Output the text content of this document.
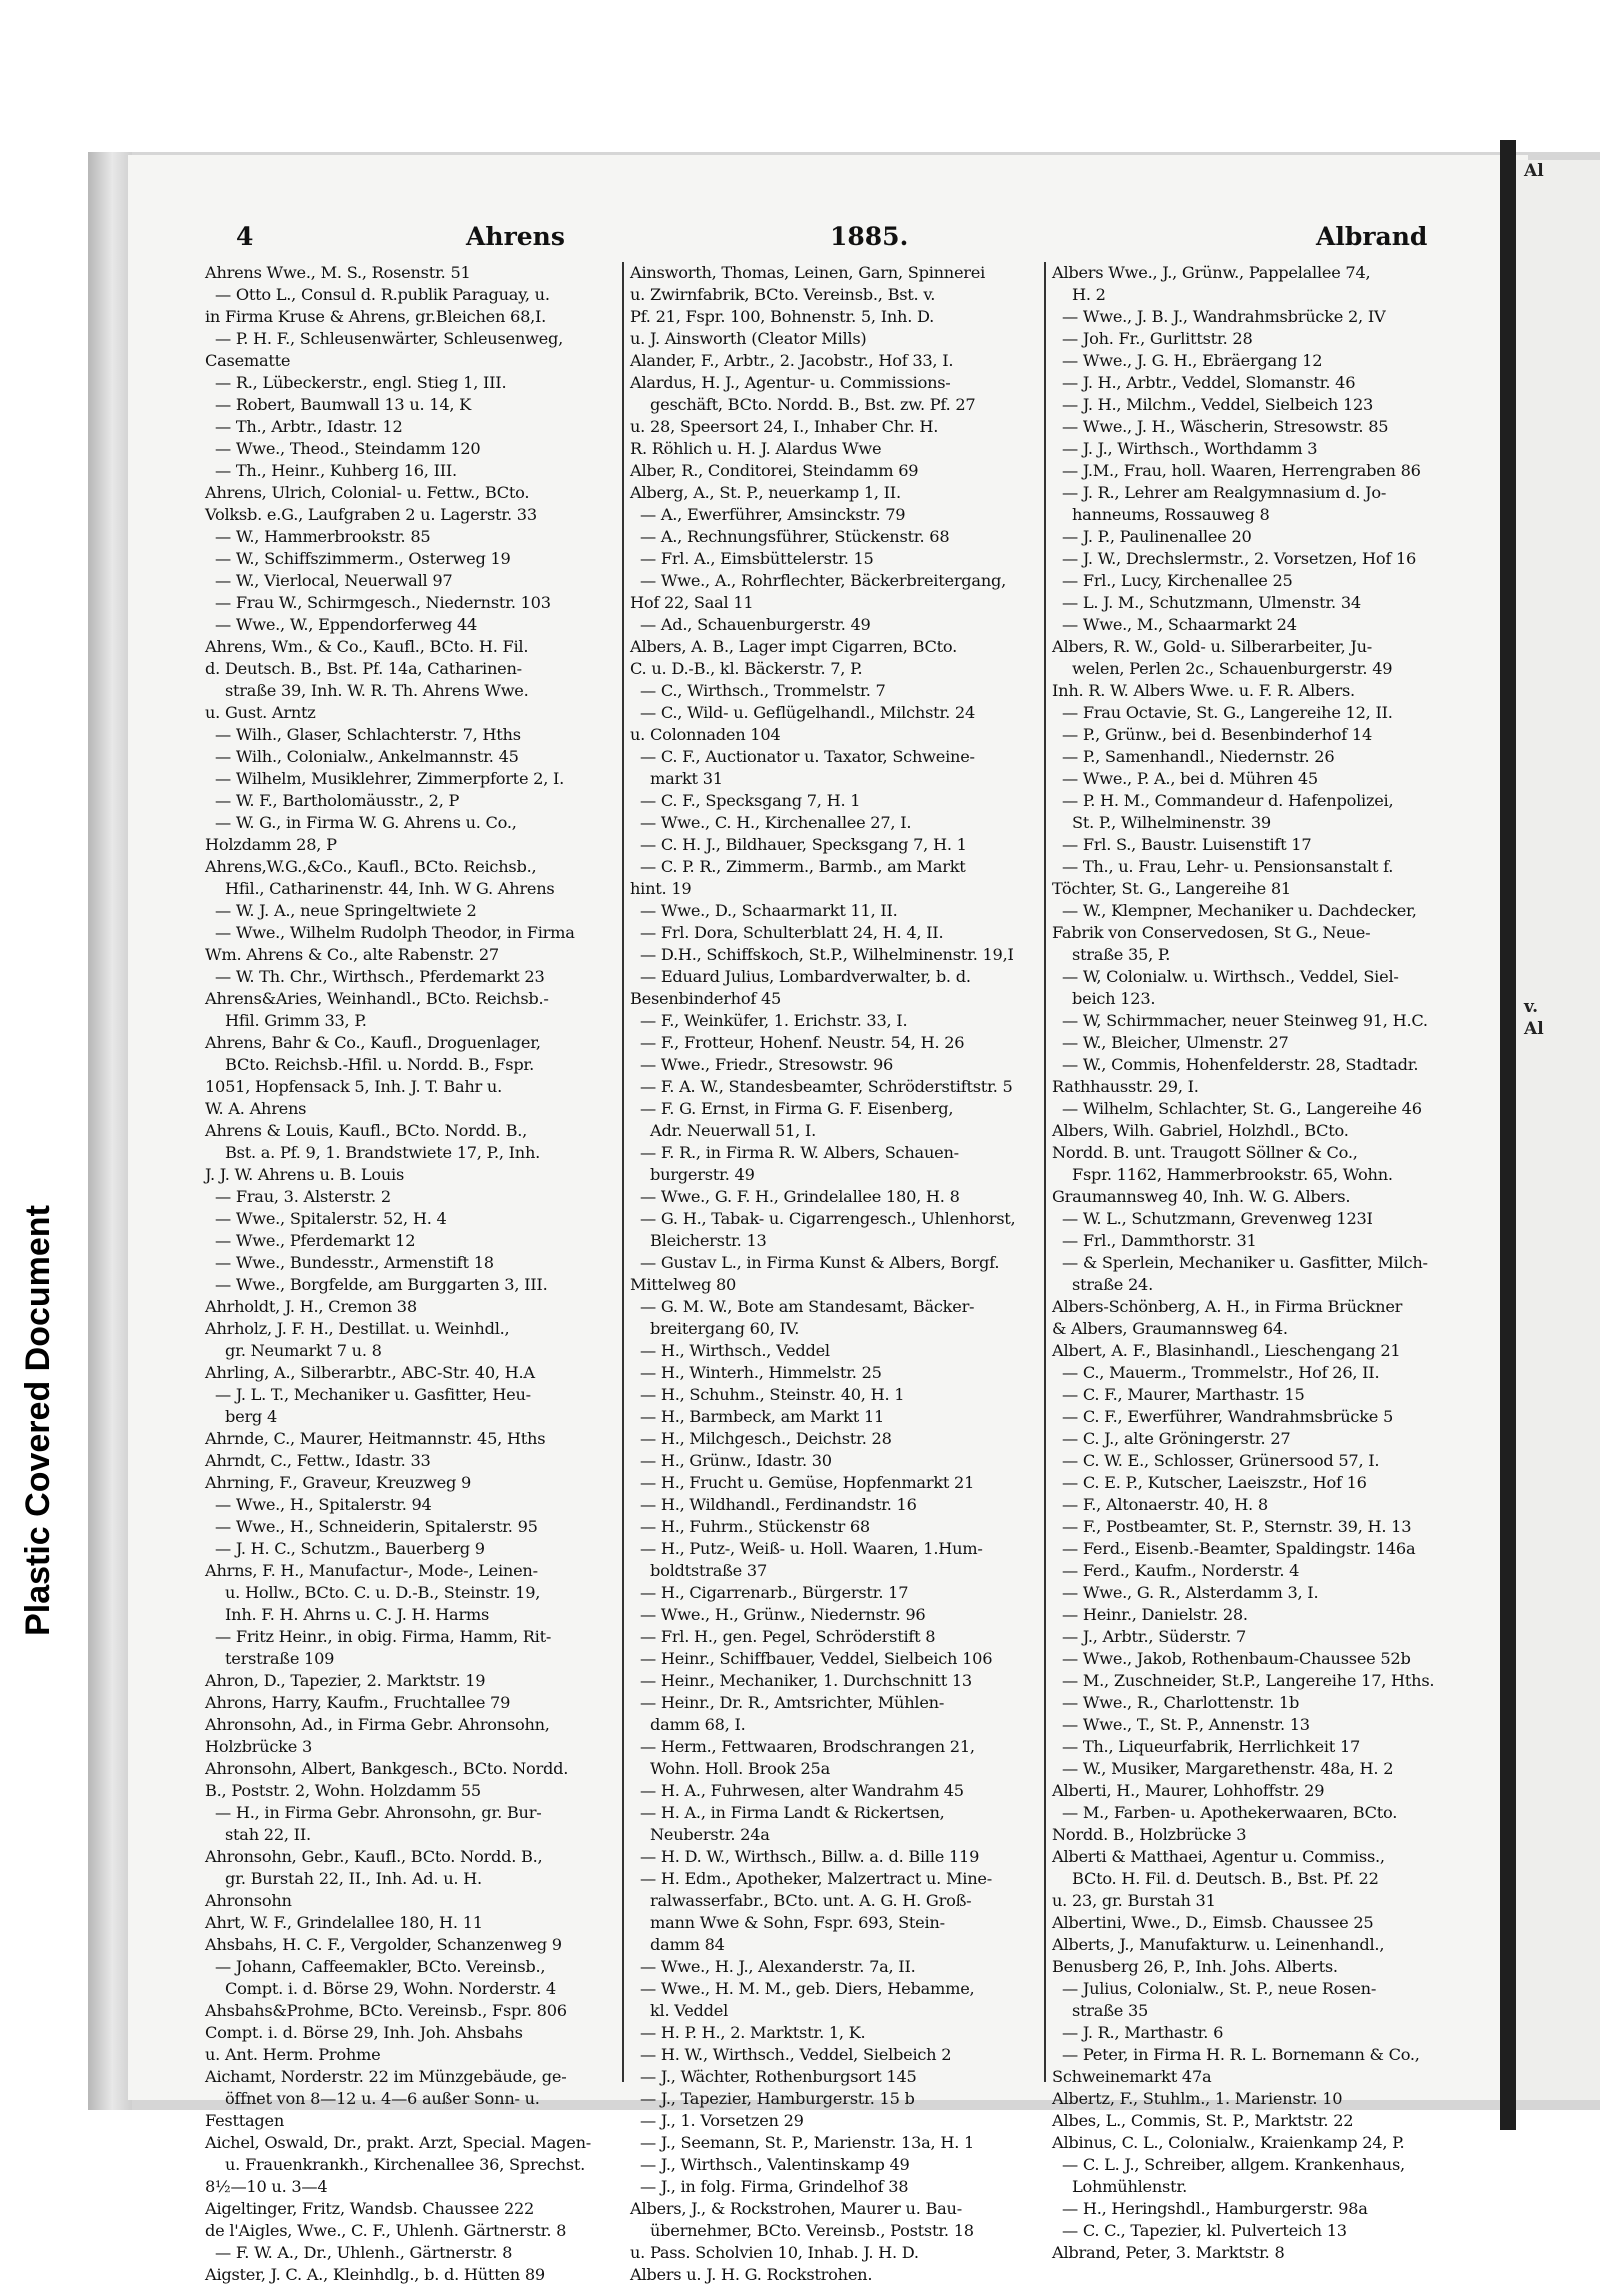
Plastic Covered Document
Al
v.
Al
4	Ahrens	1885.	Albrand
Ahrens Wwe., M. S., Rosenstr. 51
— Otto L., Consul d. R.publik Paraguay, u.
in Firma Kruse & Ahrens, gr.Bleichen 68,I.
— P. H. F., Schleusenwärter, Schleusenweg,
Casematte
— R., Lübeckerstr., engl. Stieg 1, III.
— Robert, Baumwall 13 u. 14, K
— Th., Arbtr., Idastr. 12
— Wwe., Theod., Steindamm 120
— Th., Heinr., Kuhberg 16, III.
Ahrens, Ulrich, Colonial- u. Fettw., BCto.
Volksb. e.G., Laufgraben 2 u. Lagerstr. 33
— W., Hammerbrookstr. 85
— W., Schiffszimmerm., Osterweg 19
— W., Vierlocal, Neuerwall 97
— Frau W., Schirmgesch., Niedernstr. 103
— Wwe., W., Eppendorferweg 44
Ahrens, Wm., & Co., Kaufl., BCto. H. Fil.
d. Deutsch. B., Bst. Pf. 14a, Catharinen-
straße 39, Inh. W. R. Th. Ahrens Wwe.
u. Gust. Arntz
— Wilh., Glaser, Schlachterstr. 7, Hths
— Wilh., Colonialw., Ankelmannstr. 45
— Wilhelm, Musiklehrer, Zimmerpforte 2, I.
— W. F., Bartholomäusstr., 2, P
— W. G., in Firma W. G. Ahrens u. Co.,
Holzdamm 28, P
Ahrens,W.G.,&Co., Kaufl., BCto. Reichsb.,
Hfil., Catharinenstr. 44, Inh. W G. Ahrens
— W. J. A., neue Springeltwiete 2
— Wwe., Wilhelm Rudolph Theodor, in Firma
Wm. Ahrens & Co., alte Rabenstr. 27
— W. Th. Chr., Wirthsch., Pferdemarkt 23
Ahrens&Aries, Weinhandl., BCto. Reichsb.-
Hfil. Grimm 33, P.
Ahrens, Bahr & Co., Kaufl., Droguenlager,
BCto. Reichsb.-Hfil. u. Nordd. B., Fspr.
1051, Hopfensack 5, Inh. J. T. Bahr u.
W. A. Ahrens
Ahrens & Louis, Kaufl., BCto. Nordd. B.,
Bst. a. Pf. 9, 1. Brandstwiete 17, P., Inh.
J. J. W. Ahrens u. B. Louis
— Frau, 3. Alsterstr. 2
— Wwe., Spitalerstr. 52, H. 4
— Wwe., Pferdemarkt 12
— Wwe., Bundesstr., Armenstift 18
— Wwe., Borgfelde, am Burggarten 3, III.
Ahrholdt, J. H., Cremon 38
Ahrholz, J. F. H., Destillat. u. Weinhdl.,
gr. Neumarkt 7 u. 8
Ahrling, A., Silberarbtr., ABC-Str. 40, H.A
— J. L. T., Mechaniker u. Gasfitter, Heu-
berg 4
Ahrnde, C., Maurer, Heitmannstr. 45, Hths
Ahrndt, C., Fettw., Idastr. 33
Ahrning, F., Graveur, Kreuzweg 9
— Wwe., H., Spitalerstr. 94
— Wwe., H., Schneiderin, Spitalerstr. 95
— J. H. C., Schutzm., Bauerberg 9
Ahrns, F. H., Manufactur-, Mode-, Leinen-
u. Hollw., BCto. C. u. D.-B., Steinstr. 19,
Inh. F. H. Ahrns u. C. J. H. Harms
— Fritz Heinr., in obig. Firma, Hamm, Rit-
terstraße 109
Ahron, D., Tapezier, 2. Marktstr. 19
Ahrons, Harry, Kaufm., Fruchtallee 79
Ahronsohn, Ad., in Firma Gebr. Ahronsohn,
Holzbrücke 3
Ahronsohn, Albert, Bankgesch., BCto. Nordd.
B., Poststr. 2, Wohn. Holzdamm 55
— H., in Firma Gebr. Ahronsohn, gr. Bur-
stah 22, II.
Ahronsohn, Gebr., Kaufl., BCto. Nordd. B.,
gr. Burstah 22, II., Inh. Ad. u. H.
Ahronsohn
Ahrt, W. F., Grindelallee 180, H. 11
Ahsbahs, H. C. F., Vergolder, Schanzenweg 9
— Johann, Caffeemakler, BCto. Vereinsb.,
Compt. i. d. Börse 29, Wohn. Norderstr. 4
Ahsbahs&Prohme, BCto. Vereinsb., Fspr. 806
Compt. i. d. Börse 29, Inh. Joh. Ahsbahs
u. Ant. Herm. Prohme
Aichamt, Norderstr. 22 im Münzgebäude, ge-
öffnet von 8—12 u. 4—6 außer Sonn- u.
Festtagen
Aichel, Oswald, Dr., prakt. Arzt, Special. Magen-
u. Frauenkrankh., Kirchenallee 36, Sprechst.
8½—10 u. 3—4
Aigeltinger, Fritz, Wandsb. Chaussee 222
de l'Aigles, Wwe., C. F., Uhlenh. Gärtnerstr. 8
— F. W. A., Dr., Uhlenh., Gärtnerstr. 8
Aigster, J. C. A., Kleinhdlg., b. d. Hütten 89
Ainsworth, Thomas, Leinen, Garn, Spinnerei
u. Zwirnfabrik, BCto. Vereinsb., Bst. v.
Pf. 21, Fspr. 100, Bohnenstr. 5, Inh. D.
u. J. Ainsworth (Cleator Mills)
Alander, F., Arbtr., 2. Jacobstr., Hof 33, I.
Alardus, H. J., Agentur- u. Commissions-
geschäft, BCto. Nordd. B., Bst. zw. Pf. 27
u. 28, Speersort 24, I., Inhaber Chr. H.
R. Röhlich u. H. J. Alardus Wwe
Alber, R., Conditorei, Steindamm 69
Alberg, A., St. P., neuerkamp 1, II.
— A., Ewerführer, Amsinckstr. 79
— A., Rechnungsführer, Stückenstr. 68
— Frl. A., Eimsbüttelerstr. 15
— Wwe., A., Rohrflechter, Bäckerbreitergang,
Hof 22, Saal 11
— Ad., Schauenburgerstr. 49
Albers, A. B., Lager impt Cigarren, BCto.
C. u. D.-B., kl. Bäckerstr. 7, P.
— C., Wirthsch., Trommelstr. 7
— C., Wild- u. Geflügelhandl., Milchstr. 24
u. Colonnaden 104
— C. F., Auctionator u. Taxator, Schweine-
markt 31
— C. F., Specksgang 7, H. 1
— Wwe., C. H., Kirchenallee 27, I.
— C. H. J., Bildhauer, Specksgang 7, H. 1
— C. P. R., Zimmerm., Barmb., am Markt
hint. 19
— Wwe., D., Schaarmarkt 11, II.
— Frl. Dora, Schulterblatt 24, H. 4, II.
— D.H., Schiffskoch, St.P., Wilhelminenstr. 19,I
— Eduard Julius, Lombardverwalter, b. d.
Besenbinderhof 45
— F., Weinküfer, 1. Erichstr. 33, I.
— F., Frotteur, Hohenf. Neustr. 54, H. 26
— Wwe., Friedr., Stresowstr. 96
— F. A. W., Standesbeamter, Schröderstiftstr. 5
— F. G. Ernst, in Firma G. F. Eisenberg,
Adr. Neuerwall 51, I.
— F. R., in Firma R. W. Albers, Schauen-
burgerstr. 49
— Wwe., G. F. H., Grindelallee 180, H. 8
— G. H., Tabak- u. Cigarrengesch., Uhlenhorst,
Bleicherstr. 13
— Gustav L., in Firma Kunst & Albers, Borgf.
Mittelweg 80
— G. M. W., Bote am Standesamt, Bäcker-
breitergang 60, IV.
— H., Wirthsch., Veddel
— H., Winterh., Himmelstr. 25
— H., Schuhm., Steinstr. 40, H. 1
— H., Barmbeck, am Markt 11
— H., Milchgesch., Deichstr. 28
— H., Grünw., Idastr. 30
— H., Frucht u. Gemüse, Hopfenmarkt 21
— H., Wildhandl., Ferdinandstr. 16
— H., Fuhrm., Stückenstr 68
— H., Putz-, Weiß- u. Holl. Waaren, 1.Hum-
boldtstraße 37
— H., Cigarrenarb., Bürgerstr. 17
— Wwe., H., Grünw., Niedernstr. 96
— Frl. H., gen. Pegel, Schröderstift 8
— Heinr., Schiffbauer, Veddel, Sielbeich 106
— Heinr., Mechaniker, 1. Durchschnitt 13
— Heinr., Dr. R., Amtsrichter, Mühlen-
damm 68, I.
— Herm., Fettwaaren, Brodschrangen 21,
Wohn. Holl. Brook 25a
— H. A., Fuhrwesen, alter Wandrahm 45
— H. A., in Firma Landt & Rickertsen,
Neuberstr. 24a
— H. D. W., Wirthsch., Billw. a. d. Bille 119
— H. Edm., Apotheker, Malzertract u. Mine-
ralwasserfabr., BCto. unt. A. G. H. Groß-
mann Wwe & Sohn, Fspr. 693, Stein-
damm 84
— Wwe., H. J., Alexanderstr. 7a, II.
— Wwe., H. M. M., geb. Diers, Hebamme,
kl. Veddel
— H. P. H., 2. Marktstr. 1, K.
— H. W., Wirthsch., Veddel, Sielbeich 2
— J., Wächter, Rothenburgsort 145
— J., Tapezier, Hamburgerstr. 15 b
— J., 1. Vorsetzen 29
— J., Seemann, St. P., Marienstr. 13a, H. 1
— J., Wirthsch., Valentinskamp 49
— J., in folg. Firma, Grindelhof 38
Albers, J., & Rockstrohen, Maurer u. Bau-
übernehmer, BCto. Vereinsb., Poststr. 18
u. Pass. Scholvien 10, Inhab. J. H. D.
Albers u. J. H. G. Rockstrohen.
Albers Wwe., J., Grünw., Pappelallee 74,
H. 2
— Wwe., J. B. J., Wandrahmsbrücke 2, IV
— Joh. Fr., Gurlittstr. 28
— Wwe., J. G. H., Ebräergang 12
— J. H., Arbtr., Veddel, Slomanstr. 46
— J. H., Milchm., Veddel, Sielbeich 123
— Wwe., J. H., Wäscherin, Stresowstr. 85
— J. J., Wirthsch., Worthdamm 3
— J.M., Frau, holl. Waaren, Herrengraben 86
— J. R., Lehrer am Realgymnasium d. Jo-
hanneums, Rossauweg 8
— J. P., Paulinenallee 20
— J. W., Drechslermstr., 2. Vorsetzen, Hof 16
— Frl., Lucy, Kirchenallee 25
— L. J. M., Schutzmann, Ulmenstr. 34
— Wwe., M., Schaarmarkt 24
Albers, R. W., Gold- u. Silberarbeiter, Ju-
welen, Perlen 2c., Schauenburgerstr. 49
Inh. R. W. Albers Wwe. u. F. R. Albers.
— Frau Octavie, St. G., Langereihe 12, II.
— P., Grünw., bei d. Besenbinderhof 14
— P., Samenhandl., Niedernstr. 26
— Wwe., P. A., bei d. Mühren 45
— P. H. M., Commandeur d. Hafenpolizei,
St. P., Wilhelminenstr. 39
— Frl. S., Baustr. Luisenstift 17
— Th., u. Frau, Lehr- u. Pensionsanstalt f.
Töchter, St. G., Langereihe 81
— W., Klempner, Mechaniker u. Dachdecker,
Fabrik von Conservedosen, St G., Neue-
straße 35, P.
— W, Colonialw. u. Wirthsch., Veddel, Siel-
beich 123.
— W, Schirmmacher, neuer Steinweg 91, H.C.
— W., Bleicher, Ulmenstr. 27
— W., Commis, Hohenfelderstr. 28, Stadtadr.
Rathhausstr. 29, I.
— Wilhelm, Schlachter, St. G., Langereihe 46
Albers, Wilh. Gabriel, Holzhdl., BCto.
Nordd. B. unt. Traugott Söllner & Co.,
Fspr. 1162, Hammerbrookstr. 65, Wohn.
Graumannsweg 40, Inh. W. G. Albers.
— W. L., Schutzmann, Grevenweg 123I
— Frl., Dammthorstr. 31
— & Sperlein, Mechaniker u. Gasfitter, Milch-
straße 24.
Albers-Schönberg, A. H., in Firma Brückner
& Albers, Graumannsweg 64.
Albert, A. F., Blasinhandl., Lieschengang 21
— C., Mauerm., Trommelstr., Hof 26, II.
— C. F., Maurer, Marthastr. 15
— C. F., Ewerführer, Wandrahmsbrücke 5
— C. J., alte Gröningerstr. 27
— C. W. E., Schlosser, Grünersood 57, I.
— C. E. P., Kutscher, Laeiszstr., Hof 16
— F., Altonaerstr. 40, H. 8
— F., Postbeamter, St. P., Sternstr. 39, H. 13
— Ferd., Eisenb.-Beamter, Spaldingstr. 146a
— Ferd., Kaufm., Norderstr. 4
— Wwe., G. R., Alsterdamm 3, I.
— Heinr., Danielstr. 28.
— J., Arbtr., Süderstr. 7
— Wwe., Jakob, Rothenbaum-Chaussee 52b
— M., Zuschneider, St.P., Langereihe 17, Hths.
— Wwe., R., Charlottenstr. 1b
— Wwe., T., St. P., Annenstr. 13
— Th., Liqueurfabrik, Herrlichkeit 17
— W., Musiker, Margarethenstr. 48a, H. 2
Alberti, H., Maurer, Lohhoffstr. 29
— M., Farben- u. Apothekerwaaren, BCto.
Nordd. B., Holzbrücke 3
Alberti & Matthaei, Agentur u. Commiss.,
BCto. H. Fil. d. Deutsch. B., Bst. Pf. 22
u. 23, gr. Burstah 31
Albertini, Wwe., D., Eimsb. Chaussee 25
Alberts, J., Manufakturw. u. Leinenhandl.,
Benusberg 26, P., Inh. Johs. Alberts.
— Julius, Colonialw., St. P., neue Rosen-
straße 35
— J. R., Marthastr. 6
— Peter, in Firma H. R. L. Bornemann & Co.,
Schweinemarkt 47a
Albertz, F., Stuhlm., 1. Marienstr. 10
Albes, L., Commis, St. P., Marktstr. 22
Albinus, C. L., Colonialw., Kraienkamp 24, P.
— C. L. J., Schreiber, allgem. Krankenhaus,
Lohmühlenstr.
— H., Heringshdl., Hamburgerstr. 98a
— C. C., Tapezier, kl. Pulverteich 13
Albrand, Peter, 3. Marktstr. 8
